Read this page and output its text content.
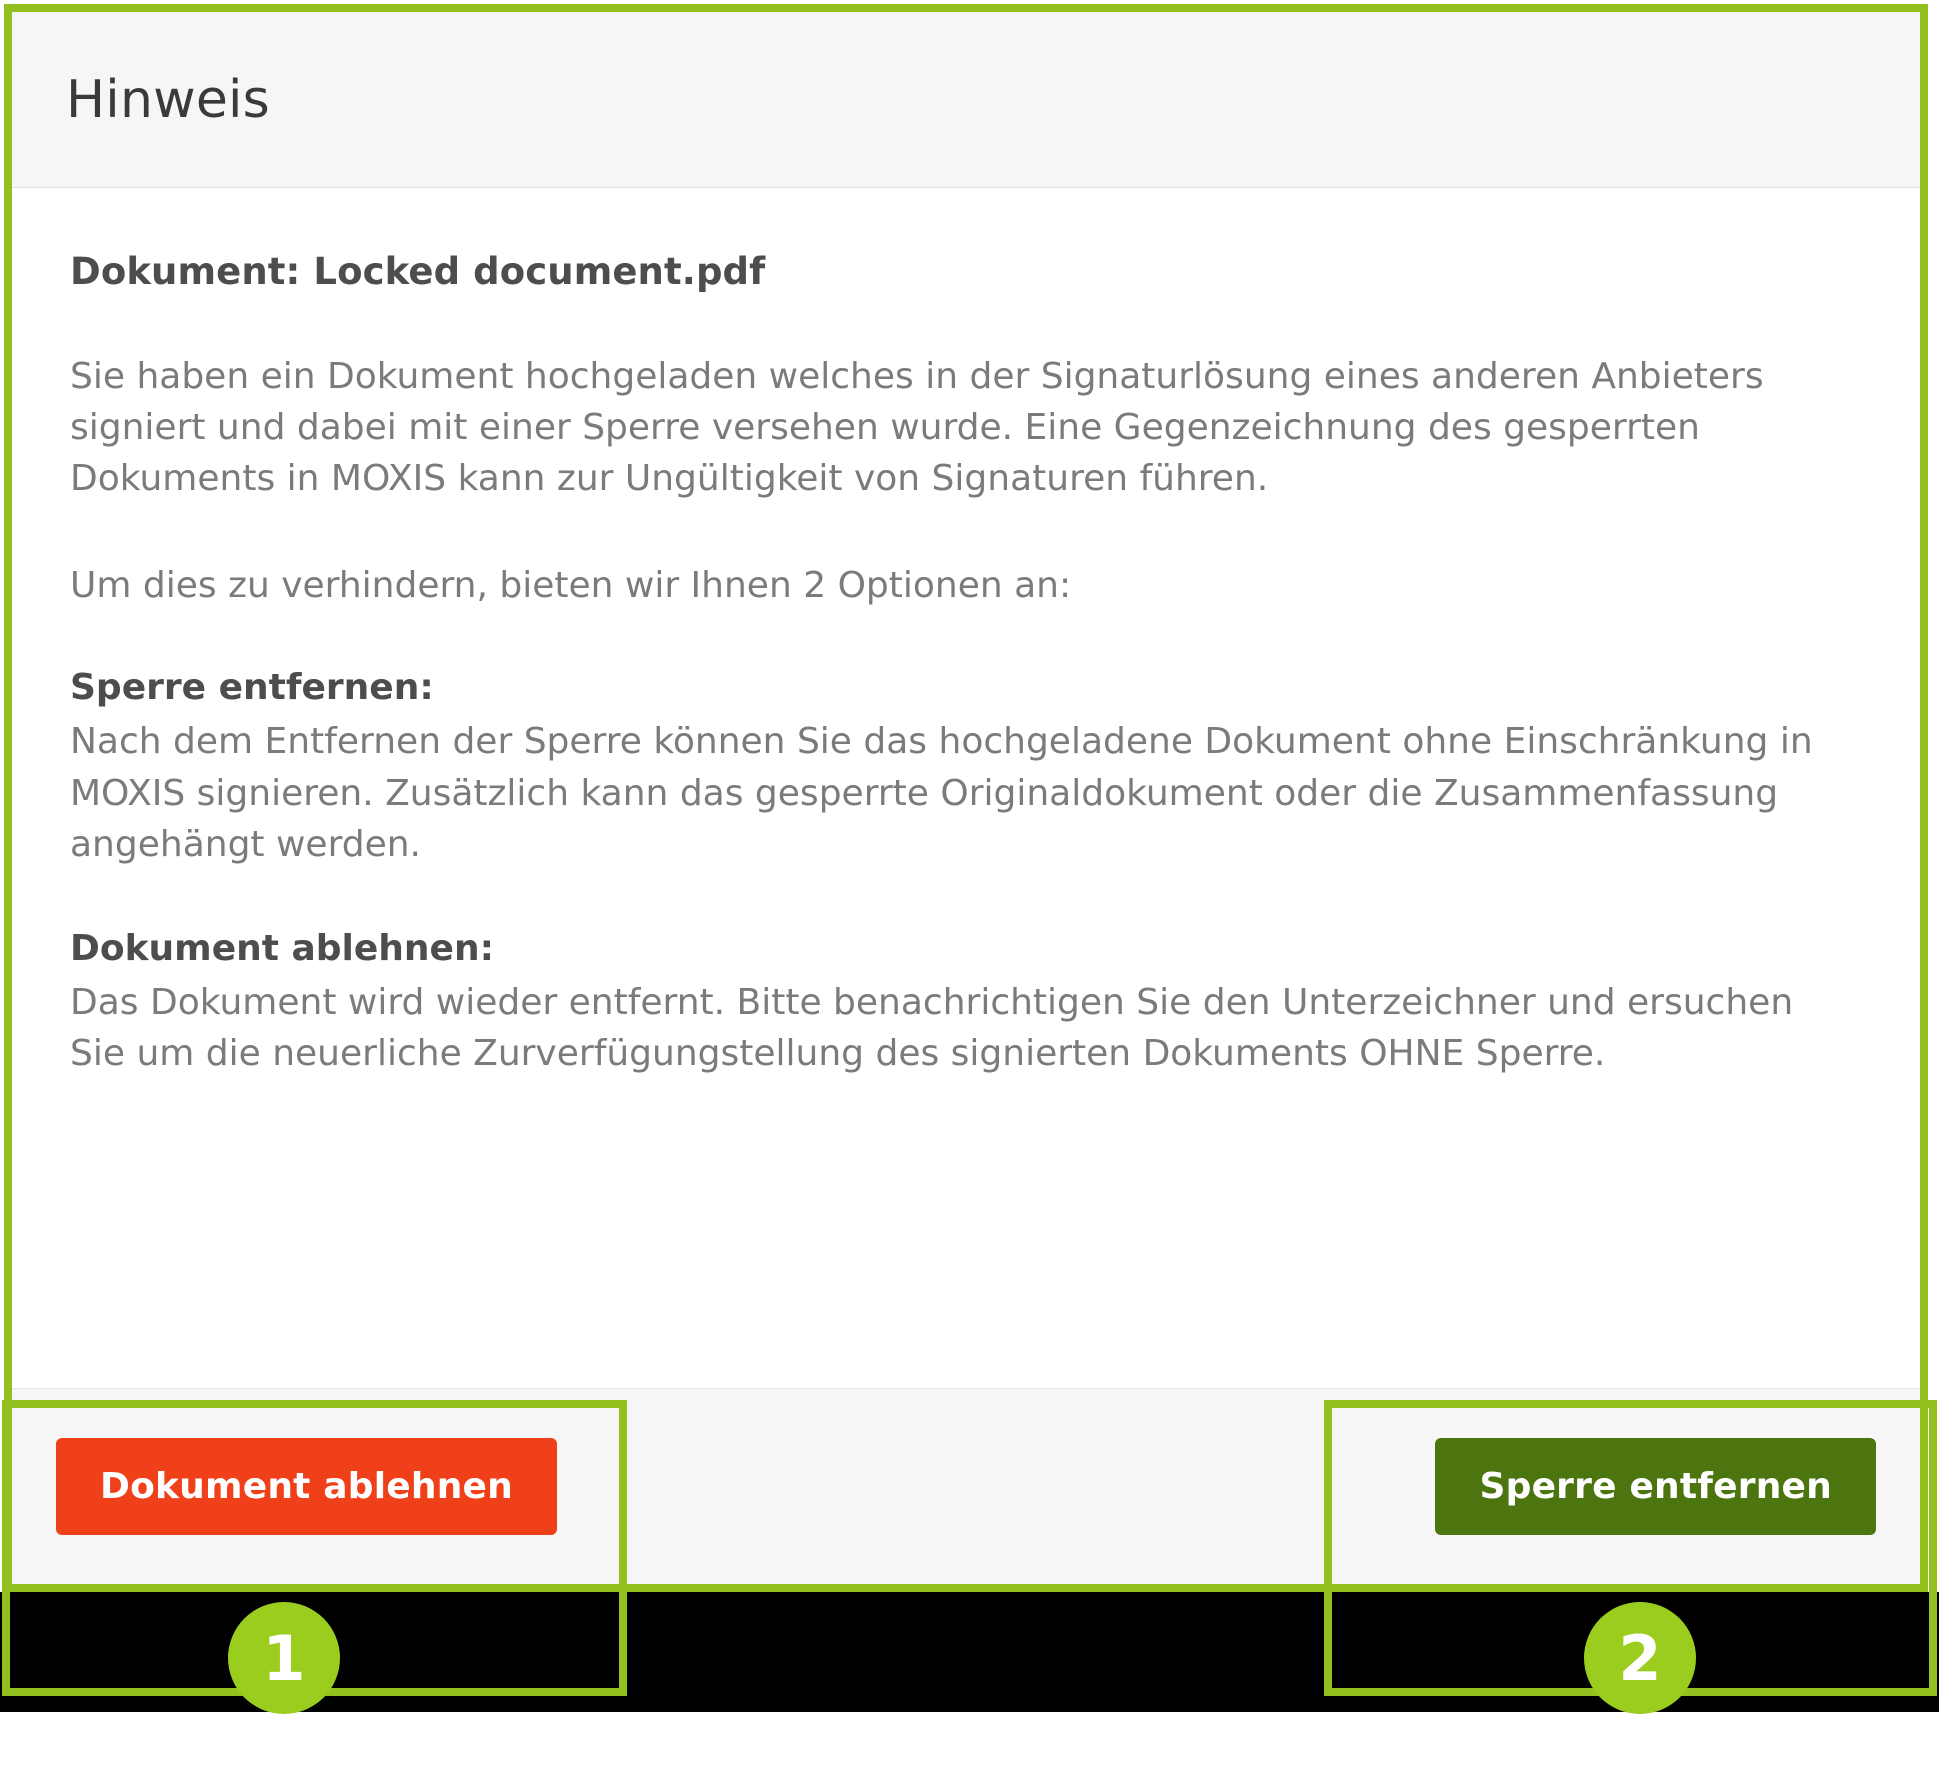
Hinweis

Dokument: Locked document.pdf

Sie haben ein Dokument hochgeladen welches in der Signaturlösung eines anderen Anbieters signiert und dabei mit einer Sperre versehen wurde. Eine Gegenzeichnung des gesperrten Dokuments in MOXIS kann zur Ungültigkeit von Signaturen führen.

Um dies zu verhindern, bieten wir Ihnen 2 Optionen an:

Sperre entfernen:

Nach dem Entfernen der Sperre können Sie das hochgeladene Dokument ohne Einschränkung in MOXIS signieren. Zusätzlich kann das gesperrte Originaldokument oder die Zusammenfassung angehängt werden.

Dokument ablehnen:

Das Dokument wird wieder entfernt. Bitte benachrichtigen Sie den Unterzeichner und ersuchen Sie um die neuerliche Zurverfügungstellung des signierten Dokuments OHNE Sperre.

Dokument ablehnen	Sperre entfernen
1	2
